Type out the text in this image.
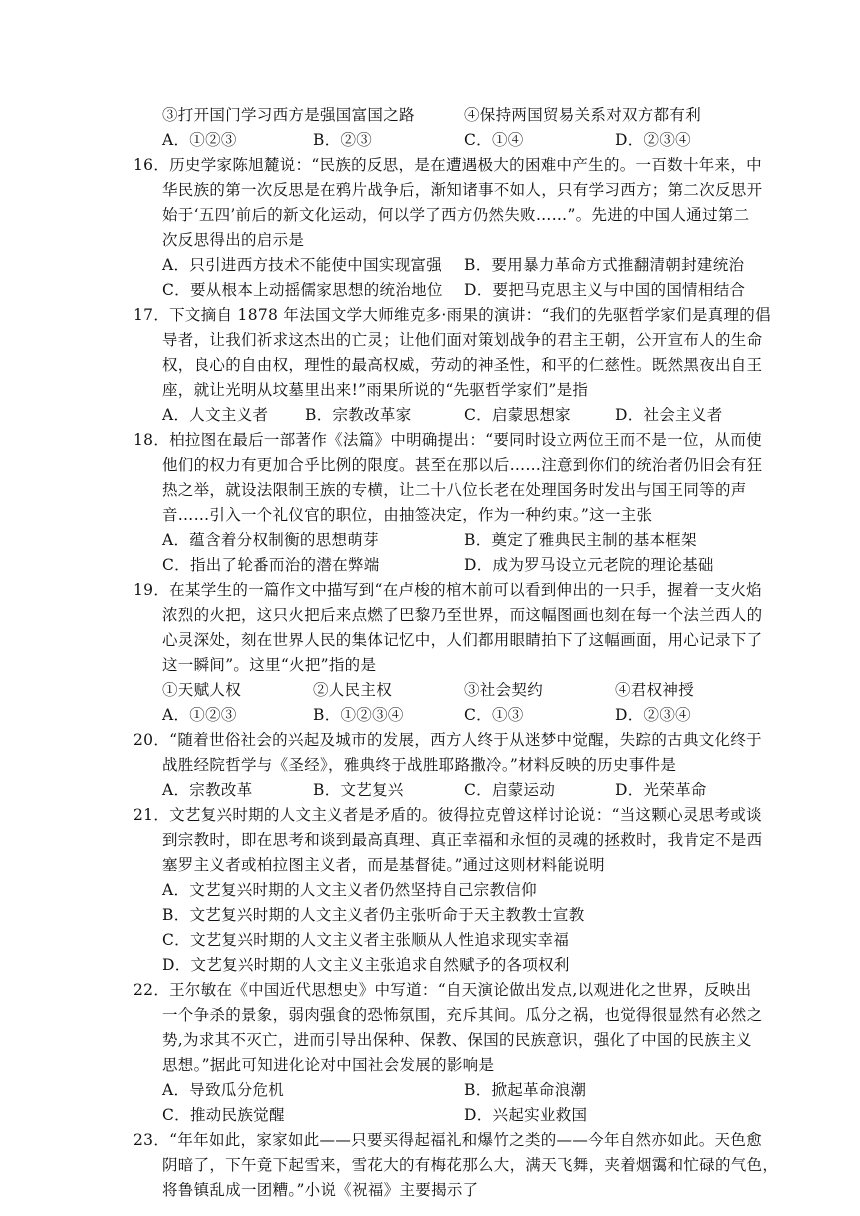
③打开国门学习西方是强国富国之路	④保持两国贸易关系对双方都有利
A．①②③	B．②③	C．①④	D．②③④
16．历史学家陈旭麓说：“民族的反思，是在遭遇极大的困难中产生的。一百数十年来，中
华民族的第一次反思是在鸦片战争后，渐知诸事不如人，只有学习西方；第二次反思开
始于‘五四’前后的新文化运动，何以学了西方仍然失败……”。先进的中国人通过第二
次反思得出的启示是
A．只引进西方技术不能使中国实现富强 B．要用暴力革命方式推翻清朝封建统治
C．要从根本上动摇儒家思想的统治地位 D．要把马克思主义与中国的国情相结合
17．下文摘自 1878 年法国文学大师维克多·雨果的演讲：“我们的先驱哲学家们是真理的倡
导者，让我们祈求这杰出的亡灵；让他们面对策划战争的君主王朝，公开宣布人的生命
权，良心的自由权，理性的最高权威，劳动的神圣性，和平的仁慈性。既然黑夜出自王
座，就让光明从坟墓里出来!”雨果所说的“先驱哲学家们”是指
A．人文主义者 B．宗教改革家	C．启蒙思想家	D．社会主义者
18．柏拉图在最后一部著作《法篇》中明确提出：“要同时设立两位王而不是一位，从而使
他们的权力有更加合乎比例的限度。甚至在那以后……注意到你们的统治者仍旧会有狂
热之举，就设法限制王族的专横，让二十八位长老在处理国务时发出与国王同等的声
音……引入一个礼仪官的职位，由抽签决定，作为一种约束。”这一主张
A．蕴含着分权制衡的思想萌芽	B．奠定了雅典民主制的基本框架
C．指出了轮番而治的潜在弊端	D．成为罗马设立元老院的理论基础
19．在某学生的一篇作文中描写到“在卢梭的棺木前可以看到伸出的一只手，握着一支火焰
浓烈的火把，这只火把后来点燃了巴黎乃至世界，而这幅图画也刻在每一个法兰西人的
心灵深处，刻在世界人民的集体记忆中，人们都用眼睛拍下了这幅画面，用心记录下了
这一瞬间”。这里“火把”指的是
①天赋人权	②人民主权	③社会契约	④君权神授
A．①②③	B．①②③④	C．①③	D．②③④
20．“随着世俗社会的兴起及城市的发展，西方人终于从迷梦中觉醒，失踪的古典文化终于
战胜经院哲学与《圣经》，雅典终于战胜耶路撒冷。”材料反映的历史事件是
A．宗教改革	B．文艺复兴	C．启蒙运动	D．光荣革命
21．文艺复兴时期的人文主义者是矛盾的。彼得拉克曾这样讨论说：“当这颗心灵思考或谈
到宗教时，即在思考和谈到最高真理、真正幸福和永恒的灵魂的拯救时，我肯定不是西
塞罗主义者或柏拉图主义者，而是基督徒。”通过这则材料能说明
A．文艺复兴时期的人文主义者仍然坚持自己宗教信仰
B．文艺复兴时期的人文主义者仍主张听命于天主教教士宣教
C．文艺复兴时期的人文主义者主张顺从人性追求现实幸福
D．文艺复兴时期的人文主义主张追求自然赋予的各项权利
22．王尔敏在《中国近代思想史》中写道：“自天演论做出发点,以观进化之世界，反映出
一个争杀的景象，弱肉强食的恐怖氛围，充斥其间。瓜分之祸，也觉得很显然有必然之
势,为求其不灭亡，进而引导出保种、保教、保国的民族意识，强化了中国的民族主义
思想。”据此可知进化论对中国社会发展的影响是
A．导致瓜分危机	B．掀起革命浪潮
C．推动民族觉醒	D．兴起实业救国
23．“年年如此，家家如此——只要买得起福礼和爆竹之类的——今年自然亦如此。天色愈
阴暗了，下午竟下起雪来，雪花大的有梅花那么大，满天飞舞，夹着烟霭和忙碌的气色，
将鲁镇乱成一团糟。”小说《祝福》主要揭示了
